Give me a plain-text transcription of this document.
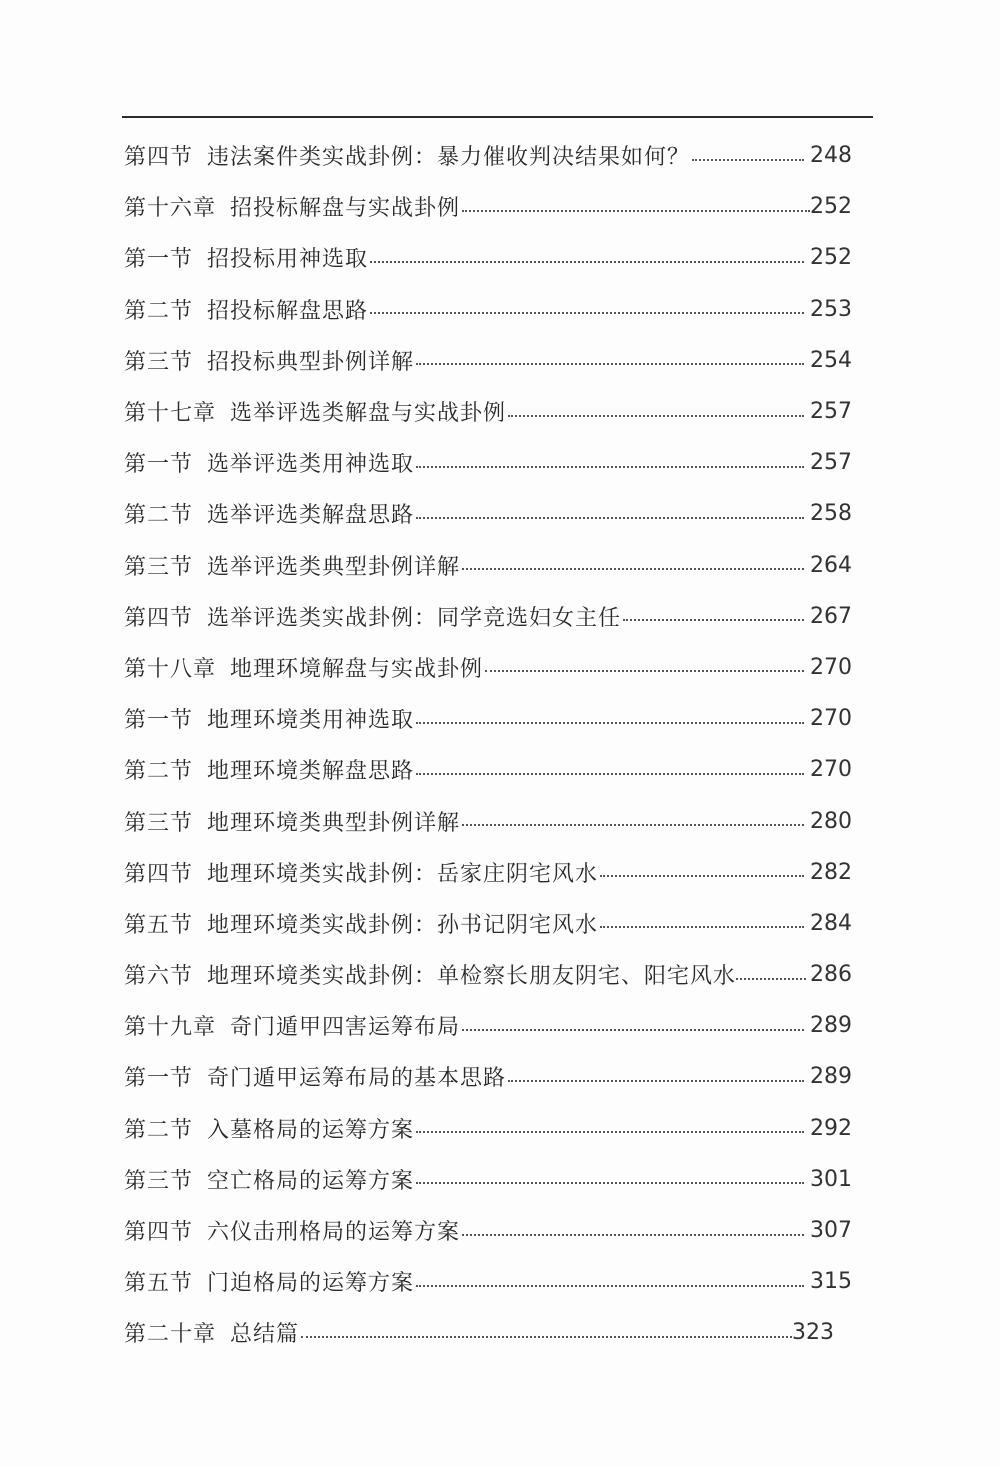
第四节 违法案件类实战卦例：暴力催收判决结果如何？	248
第十六章 招投标解盘与实战卦例	252
第一节 招投标用神选取	252
第二节 招投标解盘思路	253
第三节 招投标典型卦例详解	254
第十七章 选举评选类解盘与实战卦例	257
第一节 选举评选类用神选取	257
第二节 选举评选类解盘思路	258
第三节 选举评选类典型卦例详解	264
第四节 选举评选类实战卦例：同学竞选妇女主任	267
第十八章 地理环境解盘与实战卦例	270
第一节 地理环境类用神选取	270
第二节 地理环境类解盘思路	270
第三节 地理环境类典型卦例详解	280
第四节 地理环境类实战卦例：岳家庄阴宅风水	282
第五节 地理环境类实战卦例：孙书记阴宅风水	284
第六节 地理环境类实战卦例：单检察长朋友阴宅、阳宅风水	286
第十九章 奇门遁甲四害运筹布局	289
第一节 奇门遁甲运筹布局的基本思路	289
第二节 入墓格局的运筹方案	292
第三节 空亡格局的运筹方案	301
第四节 六仪击刑格局的运筹方案	307
第五节 门迫格局的运筹方案	315
第二十章 总结篇	323
